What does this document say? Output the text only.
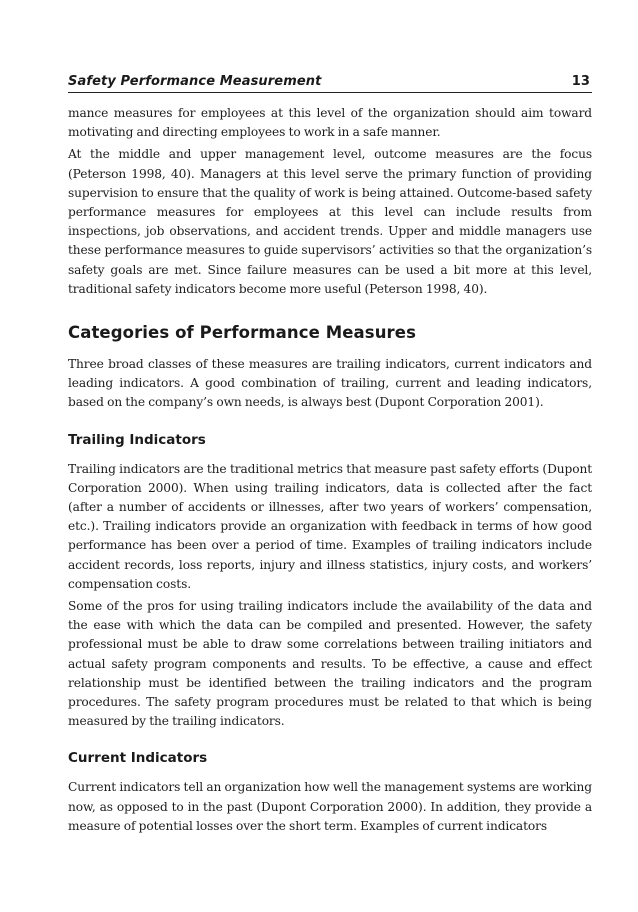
Safety Performance Measurement	13

mance measures for employees at this level of the organization should aim toward motivating and directing employees to work in a safe manner.

At the middle and upper management level, outcome measures are the focus (Peterson 1998, 40). Managers at this level serve the primary function of providing supervision to ensure that the quality of work is being attained. Outcome-based safety performance measures for employees at this level can include results from inspections, job observations, and accident trends. Upper and middle managers use these performance measures to guide supervisors’ activities so that the organization’s safety goals are met. Since failure measures can be used a bit more at this level, traditional safety indicators become more useful (Peterson 1998, 40).

Categories of Performance Measures

Three broad classes of these measures are trailing indicators, current indicators and leading indicators. A good combination of trailing, current and leading indicators, based on the company’s own needs, is always best (Dupont Corporation 2001).

Trailing Indicators

Trailing indicators are the traditional metrics that measure past safety efforts (Dupont Corporation 2000). When using trailing indicators, data is collected after the fact (after a number of accidents or illnesses, after two years of workers’ compensation, etc.). Trailing indicators provide an organization with feedback in terms of how good performance has been over a period of time. Examples of trailing indicators include accident records, loss reports, injury and illness statistics, injury costs, and workers’ compensation costs.

Some of the pros for using trailing indicators include the availability of the data and the ease with which the data can be compiled and presented. However, the safety professional must be able to draw some correlations between trailing initiators and actual safety program components and results. To be effective, a cause and effect relationship must be identified between the trailing indicators and the program procedures. The safety program procedures must be related to that which is being measured by the trailing indicators.

Current Indicators

Current indicators tell an organization how well the management systems are working now, as opposed to in the past (Dupont Corporation 2000). In addition, they provide a measure of potential losses over the short term. Examples of current indicators
